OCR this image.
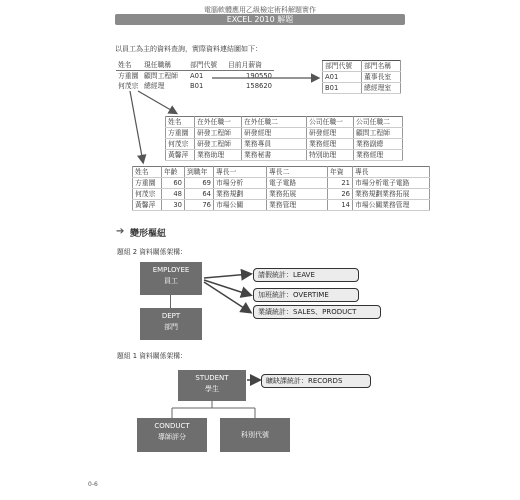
電腦軟體應用乙級檢定術科解題實作
EXCEL 2010 解題
以員工為主的資料查詢，實際資料連結圖如下：
姓名	現任職稱	部門代號	目前月薪資
方重圜	顧問工程師	A01	190550
何茂宗	總經理	B01	158620
部門代號	部門名稱
A01	董事長室
B01	總經理室
姓名	在外任職一	在外任職二	公司任職一	公司任職二
方重圜	研發工程師	研發經理	研發經理	顧問工程師
何茂宗	研發工程師	業務專員	業務經理	業務副總
黃馨萍	業務助理	業務秘書	特別助理	業務經理
姓名	年齡	到職年	專長一	專長二	年資	專長
方重圜	60	69	市場分析	電子電路	21	市場分析電子電路
何茂宗	48	64	業務規劃	業務拓展	26	業務規劃業務拓展
黃馨萍	30	76	市場公關	業務管理	14	市場公關業務管理
➔ 變形樞紐
題組 2 資料關係架構：
EMPLOYEE
員工
DEPT
部門
請假統計：LEAVE
加班統計：OVERTIME
業績統計：SALES、PRODUCT
題組 1 資料關係架構：
STUDENT
學生
曠缺課統計：RECORDS
CONDUCT
導師評分	科別代號
0-6
